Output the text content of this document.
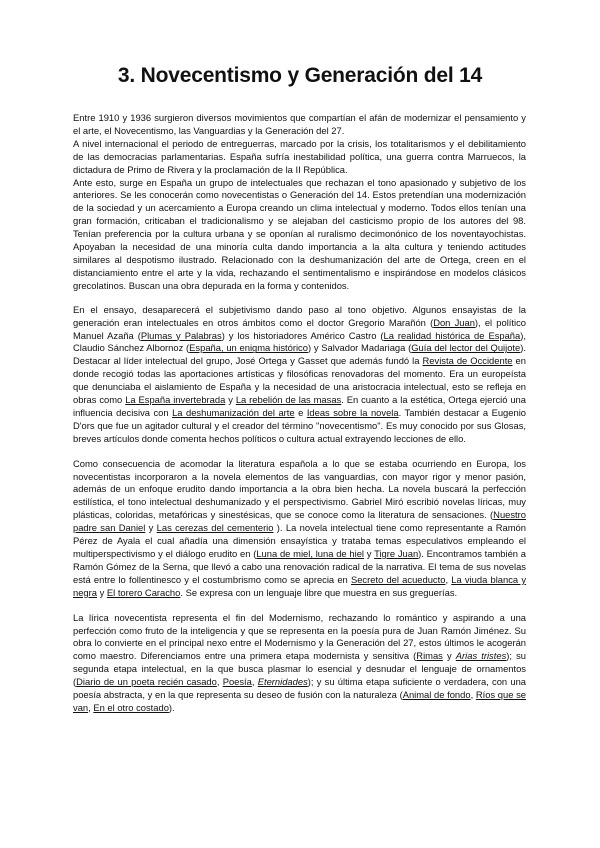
3. Novecentismo y Generación del 14

Entre 1910 y 1936 surgieron diversos movimientos que compartían el afán de modernizar el pensamiento y el arte, el Novecentismo, las Vanguardias y la Generación del 27.

A nivel internacional el periodo de entreguerras, marcado por la crisis, los totalitarismos y el debilitamiento de las democracias parlamentarias. España sufría inestabilidad política, una guerra contra Marruecos, la dictadura de Primo de Rivera y la proclamación de la II República.

Ante esto, surge en España un grupo de intelectuales que rechazan el tono apasionado y subjetivo de los anteriores. Se les conocerán como novecentistas o Generación del 14. Estos pretendían una modernización de la sociedad y un acercamiento a Europa creando un clima intelectual y moderno. Todos ellos tenían una gran formación, criticaban el tradicionalismo y se alejaban del casticismo propio de los autores del 98. Tenían preferencia por la cultura urbana y se oponían al ruralismo decimonónico de los noventayochistas. Apoyaban la necesidad de una minoría culta dando importancia a la alta cultura y teniendo actitudes similares al despotismo ilustrado. Relacionado con la deshumanización del arte de Ortega, creen en el distanciamiento entre el arte y la vida, rechazando el sentimentalismo e inspirándose en modelos clásicos grecolatinos. Buscan una obra depurada en la forma y contenidos.

En el ensayo, desaparecerá el subjetivismo dando paso al tono objetivo. Algunos ensayistas de la generación eran intelectuales en otros ámbitos como el doctor Gregorio Marañón (Don Juan), el político Manuel Azaña (Plumas y Palabras) y los historiadores Américo Castro (La realidad histórica de España), Claudio Sánchez Albornoz (España, un enigma histórico) y Salvador Madariaga (Guía del lector del Quijote). Destacar al líder intelectual del grupo, José Ortega y Gasset que además fundó la Revista de Occidente en donde recogió todas las aportaciones artísticas y filosóficas renovadoras del momento. Era un europeísta que denunciaba el aislamiento de España y la necesidad de una aristocracia intelectual, esto se refleja en obras como La España invertebrada y La rebelión de las masas. En cuanto a la estética, Ortega ejerció una influencia decisiva con La deshumanización del arte e Ideas sobre la novela. También destacar a Eugenio D'ors que fue un agitador cultural y el creador del término "novecentismo". Es muy conocido por sus Glosas, breves artículos donde comenta hechos políticos o cultura actual extrayendo lecciones de ello.

Como consecuencia de acomodar la literatura española a lo que se estaba ocurriendo en Europa, los novecentistas incorporaron a la novela elementos de las vanguardias, con mayor rigor y menor pasión, además de un enfoque erudito dando importancia a la obra bien hecha. La novela buscará la perfección estilística, el tono intelectual deshumanizado y el perspectivismo. Gabriel Miró escribió novelas líricas, muy plásticas, coloridas, metafóricas y sinestésicas, que se conoce como la literatura de sensaciones. (Nuestro padre san Daniel y Las cerezas del cementerio ). La novela intelectual tiene como representante a Ramón Pérez de Ayala el cual añadía una dimensión ensayística y trataba temas especulativos empleando el multiperspectivismo y el diálogo erudito en (Luna de miel, luna de hiel y Tigre Juan). Encontramos también a Ramón Gómez de la Serna, que llevó a cabo una renovación radical de la narrativa. El tema de sus novelas está entre lo follentinesco y el costumbrismo como se aprecia en Secreto del acueducto, La viuda blanca y negra y El torero Caracho. Se expresa con un lenguaje libre que muestra en sus greguerías.

La lírica novecentista representa el fin del Modernismo, rechazando lo romántico y aspirando a una perfección como fruto de la inteligencia y que se representa en la poesía pura de Juan Ramón Jiménez. Su obra lo convierte en el principal nexo entre el Modernismo y la Generación del 27, estos últimos le acogerán como maestro. Diferenciamos entre una primera etapa modernista y sensitiva (Rimas y Arias tristes); su segunda etapa intelectual, en la que busca plasmar lo esencial y desnudar el lenguaje de ornamentos (Diario de un poeta recién casado, Poesía, Eternidades); y su última etapa suficiente o verdadera, con una poesía abstracta, y en la que representa su deseo de fusión con la naturaleza (Animal de fondo, Ríos que se van, En el otro costado).
